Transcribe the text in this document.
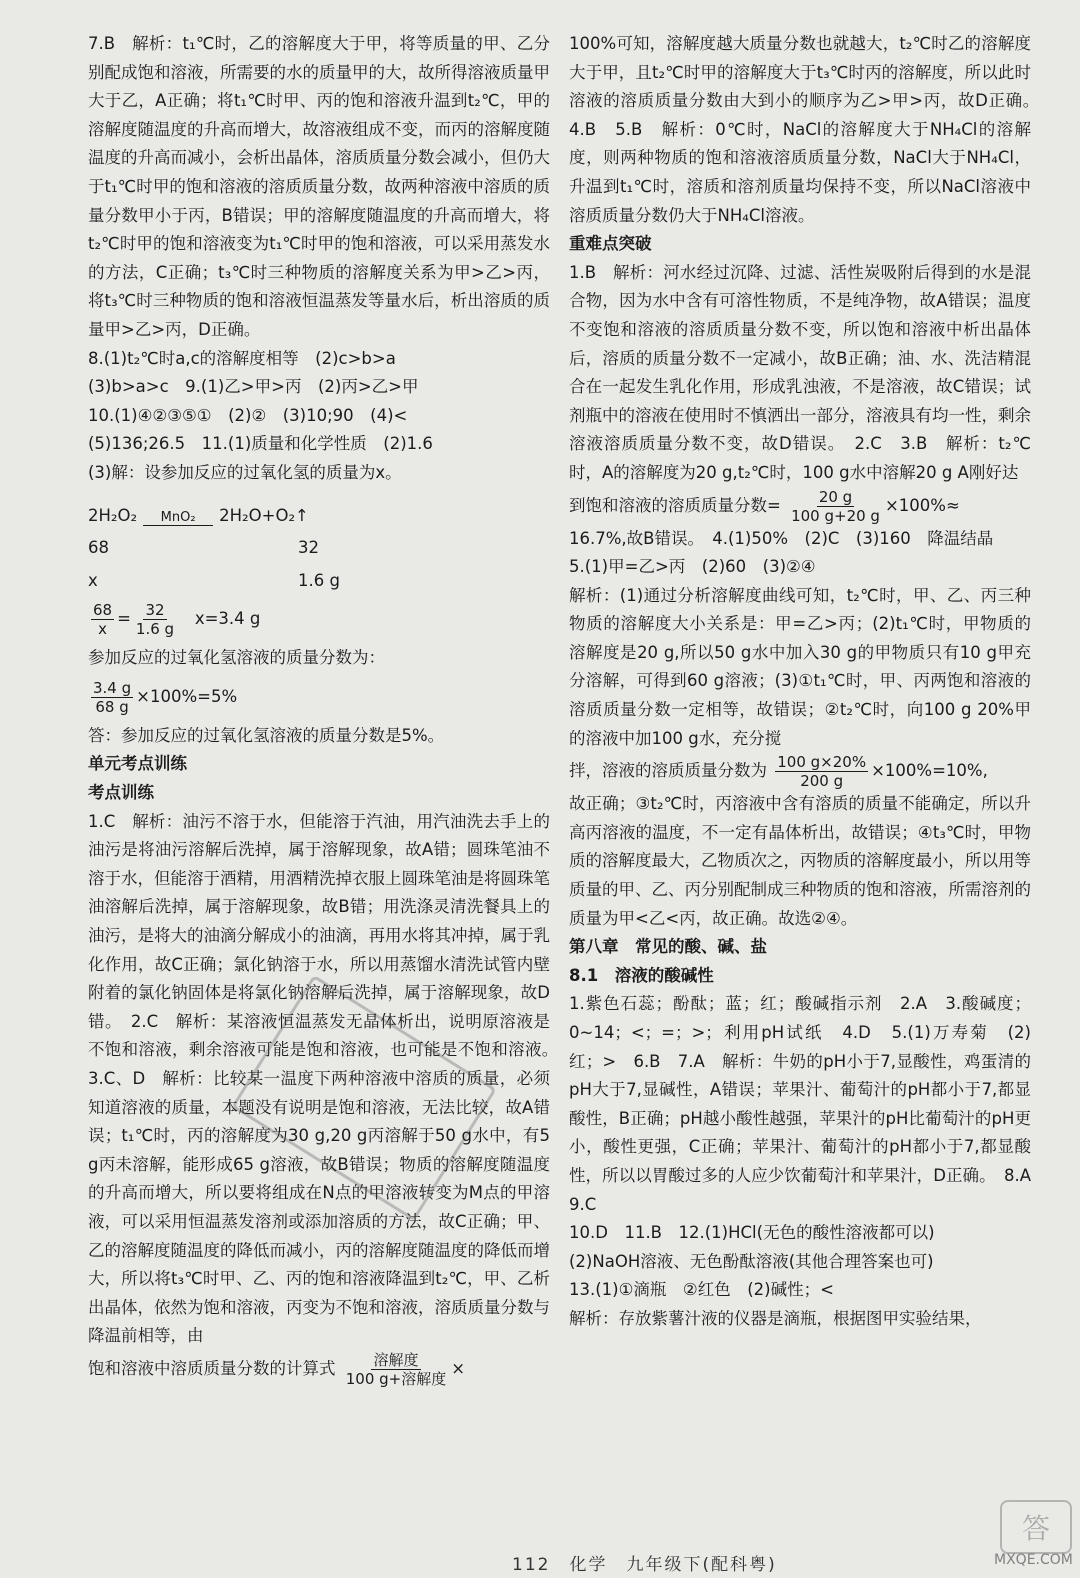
7.B　解析：t₁℃时，乙的溶解度大于甲，将等质量的甲、乙分别配成饱和溶液，所需要的水的质量甲的大，故所得溶液质量甲大于乙，A正确；将t₁℃时甲、丙的饱和溶液升温到t₂℃，甲的溶解度随温度的升高而增大，故溶液组成不变，而丙的溶解度随温度的升高而减小，会析出晶体，溶质质量分数会减小，但仍大于t₁℃时甲的饱和溶液的溶质质量分数，故两种溶液中溶质的质量分数甲小于丙，B错误；甲的溶解度随温度的升高而增大，将t₂℃时甲的饱和溶液变为t₁℃时甲的饱和溶液，可以采用蒸发水的方法，C正确；t₃℃时三种物质的溶解度关系为甲>乙>丙，将t₃℃时三种物质的饱和溶液恒温蒸发等量水后，析出溶质的质量甲>乙>丙，D正确。

8.(1)t₂℃时a,c的溶解度相等　(2)c>b>a

(3)b>a>c　9.(1)乙>甲>丙　(2)丙>乙>甲

10.(1)④②③⑤①　(2)②　(3)10;90　(4)<

(5)136;26.5　11.(1)质量和化学性质　(2)1.6

(3)解：设参加反应的过氧化氢的质量为x。

2H₂O₂ MnO₂ 2H₂O+O₂↑
68	32
x	1.6 g
$\frac{68}{x} = \frac{32}{1.6 g} x=3.4$ g

参加反应的过氧化氢溶液的质量分数为：

$\frac{3.4 g}{68 g} \times 100\%=5\%$

答：参加反应的过氧化氢溶液的质量分数是5%。

单元考点训练

考点训练

1.C　解析：油污不溶于水，但能溶于汽油，用汽油洗去手上的油污是将油污溶解后洗掉，属于溶解现象，故A错；圆珠笔油不溶于水，但能溶于酒精，用酒精洗掉衣服上圆珠笔油是将圆珠笔油溶解后洗掉，属于溶解现象，故B错；用洗涤灵清洗餐具上的油污，是将大的油滴分解成小的油滴，再用水将其冲掉，属于乳化作用，故C正确；氯化钠溶于水，所以用蒸馏水清洗试管内壁附着的氯化钠固体是将氯化钠溶解后洗掉，属于溶解现象，故D错。　2.C　解析：某溶液恒温蒸发无晶体析出，说明原溶液是不饱和溶液，剩余溶液可能是饱和溶液，也可能是不饱和溶液。　3.C、D　解析：比较某一温度下两种溶液中溶质的质量，必须知道溶液的质量，本题没有说明是饱和溶液，无法比较，故A错误；t₁℃时，丙的溶解度为30 g,20 g丙溶解于50 g水中，有5 g丙未溶解，能形成65 g溶液，故B错误；物质的溶解度随温度的升高而增大，所以要将组成在N点的甲溶液转变为M点的甲溶液，可以采用恒温蒸发溶剂或添加溶质的方法，故C正确；甲、乙的溶解度随温度的降低而减小，丙的溶解度随温度的降低而增大，所以将t₃℃时甲、乙、丙的饱和溶液降温到t₂℃，甲、乙析出晶体，依然为饱和溶液，丙变为不饱和溶液，溶质质量分数与降温前相等，由

饱和溶液中溶质质量分数的计算式 $\frac{\text{溶解度}}{\text{100 g+溶解度}}$ ×

100%可知，溶解度越大质量分数也就越大，t₂℃时乙的溶解度大于甲，且t₂℃时甲的溶解度大于t₃℃时丙的溶解度，所以此时溶液的溶质质量分数由大到小的顺序为乙>甲>丙，故D正确。　4.B　5.B　解析：0℃时，NaCl的溶解度大于NH₄Cl的溶解度，则两种物质的饱和溶液溶质质量分数，NaCl大于NH₄Cl，升温到t₁℃时，溶质和溶剂质量均保持不变，所以NaCl溶液中溶质质量分数仍大于NH₄Cl溶液。

重难点突破

1.B　解析：河水经过沉降、过滤、活性炭吸附后得到的水是混合物，因为水中含有可溶性物质，不是纯净物，故A错误；温度不变饱和溶液的溶质质量分数不变，所以饱和溶液中析出晶体后，溶质的质量分数不一定减小，故B正确；油、水、洗洁精混合在一起发生乳化作用，形成乳浊液，不是溶液，故C错误；试剂瓶中的溶液在使用时不慎洒出一部分，溶液具有均一性，剩余溶液溶质质量分数不变，故D错误。　2.C　3.B　解析：t₂℃时，A的溶解度为20 g,t₂℃时，100 g水中溶解20 g A刚好达

到饱和溶液的溶质质量分数= $\frac{20 g}{100 g+20 g} \times 100\%\approx$

16.7%,故B错误。　4.(1)50%　(2)C　(3)160　降温结晶

5.(1)甲=乙>丙　(2)60　(3)②④

解析：(1)通过分析溶解度曲线可知，t₂℃时，甲、乙、丙三种物质的溶解度大小关系是：甲=乙>丙；(2)t₁℃时，甲物质的溶解度是20 g,所以50 g水中加入30 g的甲物质只有10 g甲充分溶解，可得到60 g溶液；(3)①t₁℃时，甲、丙两饱和溶液的溶质质量分数一定相等，故错误；②t₂℃时，向100 g 20%甲的溶液中加100 g水，充分搅

拌，溶液的溶质质量分数为 $\frac{100 g\times 20\%}{200 g} \times 100\%=10\%$,

故正确；③t₂℃时，丙溶液中含有溶质的质量不能确定，所以升高丙溶液的温度，不一定有晶体析出，故错误；④t₃℃时，甲物质的溶解度最大，乙物质次之，丙物质的溶解度最小，所以用等质量的甲、乙、丙分别配制成三种物质的饱和溶液，所需溶剂的质量为甲<乙<丙，故正确。故选②④。

第八章　常见的酸、碱、盐

8.1　溶液的酸碱性

1.紫色石蕊；酚酞；蓝；红；酸碱指示剂　2.A　3.酸碱度；0~14；<；=；>；利用pH试纸　4.D　5.(1)万寿菊　(2)红；>　6.B　7.A　解析：牛奶的pH小于7,显酸性，鸡蛋清的pH大于7,显碱性，A错误；苹果汁、葡萄汁的pH都小于7,都显酸性，B正确；pH越小酸性越强，苹果汁的pH比葡萄汁的pH更小，酸性更强，C正确；苹果汁、葡萄汁的pH都小于7,都显酸性，所以以胃酸过多的人应少饮葡萄汁和苹果汁，D正确。　8.A　9.C

10.D　11.B　12.(1)HCl(无色的酸性溶液都可以)

(2)NaOH溶液、无色酚酞溶液(其他合理答案也可)

13.(1)①滴瓶　②红色　(2)碱性；<

解析：存放紫薯汁液的仪器是滴瓶，根据图甲实验结果，

112　化学　九年级下(配科粤)
答
MXQE.COM
